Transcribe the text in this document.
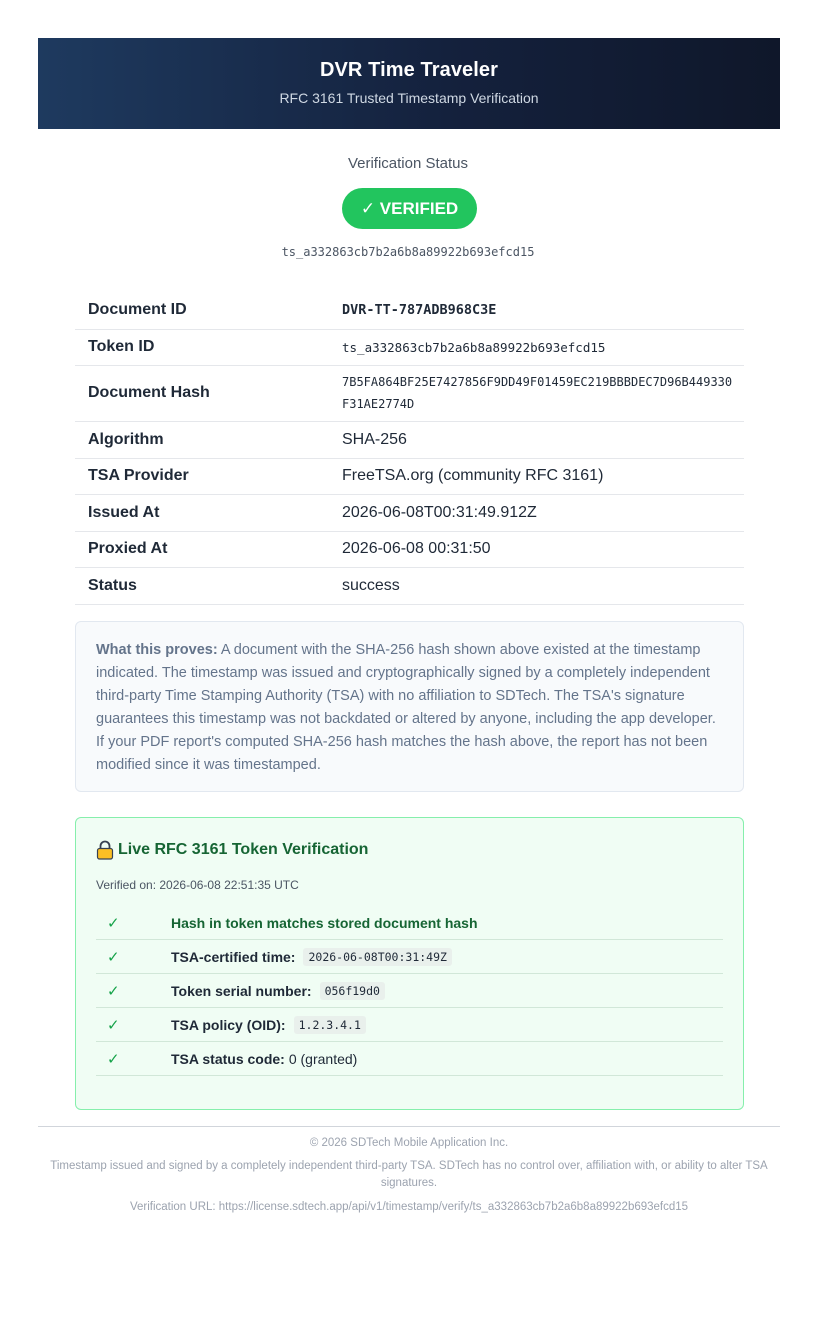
DVR Time Traveler
RFC 3161 Trusted Timestamp Verification
Verification Status
✓ VERIFIED
ts_a332863cb7b2a6b8a89922b693efcd15
Document ID	DVR-TT-787ADB968C3E
Token ID	ts_a332863cb7b2a6b8a89922b693efcd15
Document Hash	7B5FA864BF25E7427856F9DD49F01459EC219BBBDEC7D96B449330F31AE2774D
Algorithm	SHA-256
TSA Provider	FreeTSA.org (community RFC 3161)
Issued At	2026-06-08T00:31:49.912Z
Proxied At	2026-06-08 00:31:50
Status	success
What this proves: A document with the SHA-256 hash shown above existed at the timestamp indicated. The timestamp was issued and cryptographically signed by a completely independent third-party Time Stamping Authority (TSA) with no affiliation to SDTech. The TSA's signature guarantees this timestamp was not backdated or altered by anyone, including the app developer. If your PDF report's computed SHA-256 hash matches the hash above, the report has not been modified since it was timestamped.
Live RFC 3161 Token Verification
Verified on: 2026-06-08 22:51:35 UTC
✓	Hash in token matches stored document hash
✓	TSA-certified time:	2026-06-08T00:31:49Z
✓	Token serial number:	056f19d0
✓	TSA policy (OID):	1.2.3.4.1
✓	TSA status code: 0 (granted)
© 2026 SDTech Mobile Application Inc.
Timestamp issued and signed by a completely independent third-party TSA. SDTech has no control over, affiliation with, or ability to alter TSA signatures.
Verification URL: https://license.sdtech.app/api/v1/timestamp/verify/ts_a332863cb7b2a6b8a89922b693efcd15
